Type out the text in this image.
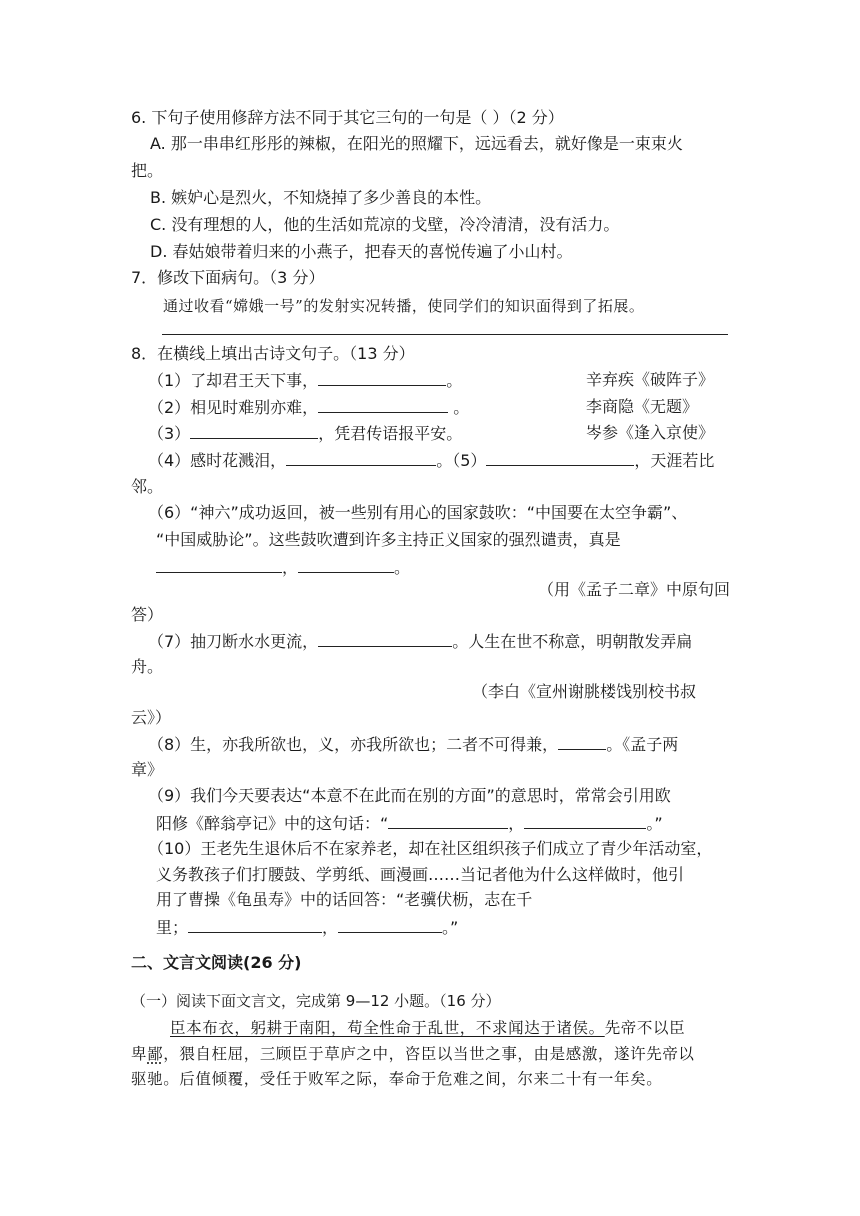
6. 下句子使用修辞方法不同于其它三句的一句是（ ）（2 分）
A. 那一串串红彤彤的辣椒，在阳光的照耀下，远远看去，就好像是一束束火
把。
B. 嫉妒心是烈火，不知烧掉了多少善良的本性。
C. 没有理想的人，他的生活如荒凉的戈壁，冷冷清清，没有活力。
D. 春姑娘带着归来的小燕子，把春天的喜悦传遍了小山村。
7．修改下面病句。（3 分）
通过收看“嫦娥一号”的发射实况转播，使同学们的知识面得到了拓展。
8．在横线上填出古诗文句子。（13 分）
（1）了却君王天下事，	。	辛弃疾《破阵子》
（2）相见时难别亦难，	。	李商隐《无题》
（3）	，凭君传语报平安。	岑参《逢入京使》
（4）感时花溅泪，	。（5）	，天涯若比
邻。
（6）“神六”成功返回，被一些别有用心的国家鼓吹：“中国要在太空争霸”、
“中国威胁论”。这些鼓吹遭到许多主持正义国家的强烈谴责，真是
，	。
（用《孟子二章》中原句回
答）
（7）抽刀断水水更流，	。人生在世不称意，明朝散发弄扁
舟。
（李白《宣州谢朓楼饯别校书叔
云》）
（8）生，亦我所欲也，义，亦我所欲也；二者不可得兼，	。《孟子两
章》
（9）我们今天要表达“本意不在此而在别的方面”的意思时，常常会引用欧
阳修《醉翁亭记》中的这句话：“	，	。”
（10）王老先生退休后不在家养老，却在社区组织孩子们成立了青少年活动室，
义务教孩子们打腰鼓、学剪纸、画漫画……当记者他为什么这样做时，他引
用了曹操《龟虽寿》中的话回答：“老骥伏枥，志在千
里；	，	。”
二、文言文阅读(26 分)
（一）阅读下面文言文，完成第 9—12 小题。（16 分）
臣本布衣，躬耕于南阳，苟全性命于乱世，不求闻达于诸侯。先帝不以臣
卑鄙，猥自枉屈，三顾臣于草庐之中，咨臣以当世之事，由是感激，遂许先帝以
驱驰。后值倾覆，受任于败军之际，奉命于危难之间，尔来二十有一年矣。
